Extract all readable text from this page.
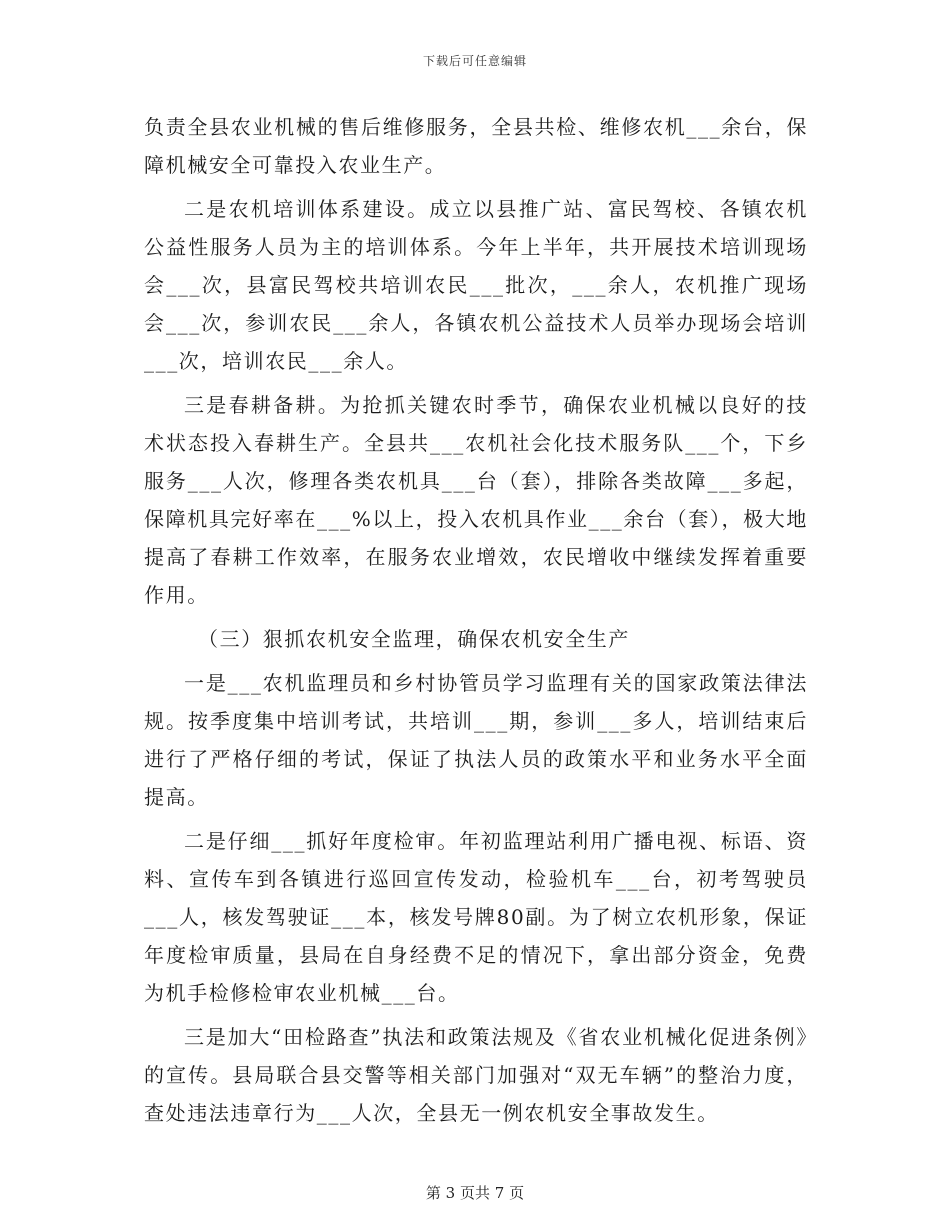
下载后可任意编辑

负责全县农业机械的售后维修服务，全县共检、维修农机___余台，保障机械安全可靠投入农业生产。

二是农机培训体系建设。成立以县推广站、富民驾校、各镇农机公益性服务人员为主的培训体系。今年上半年，共开展技术培训现场会___次，县富民驾校共培训农民___批次，___余人，农机推广现场会___次，参训农民___余人，各镇农机公益技术人员举办现场会培训___次，培训农民___余人。

三是春耕备耕。为抢抓关键农时季节，确保农业机械以良好的技术状态投入春耕生产。全县共___农机社会化技术服务队___个，下乡服务___人次，修理各类农机具___台（套），排除各类故障___多起，保障机具完好率在___%以上，投入农机具作业___余台（套），极大地提高了春耕工作效率，在服务农业增效，农民增收中继续发挥着重要作用。

（三）狠抓农机安全监理，确保农机安全生产

一是___农机监理员和乡村协管员学习监理有关的国家政策法律法规。按季度集中培训考试，共培训___期，参训___多人，培训结束后进行了严格仔细的考试，保证了执法人员的政策水平和业务水平全面提高。

二是仔细___抓好年度检审。年初监理站利用广播电视、标语、资料、宣传车到各镇进行巡回宣传发动，检验机车___台，初考驾驶员___人，核发驾驶证___本，核发号牌80副。为了树立农机形象，保证年度检审质量，县局在自身经费不足的情况下，拿出部分资金，免费为机手检修检审农业机械___台。

三是加大“田检路查”执法和政策法规及《省农业机械化促进条例》的宣传。县局联合县交警等相关部门加强对“双无车辆”的整治力度，查处违法违章行为___人次，全县无一例农机安全事故发生。

第 3 页共 7 页
